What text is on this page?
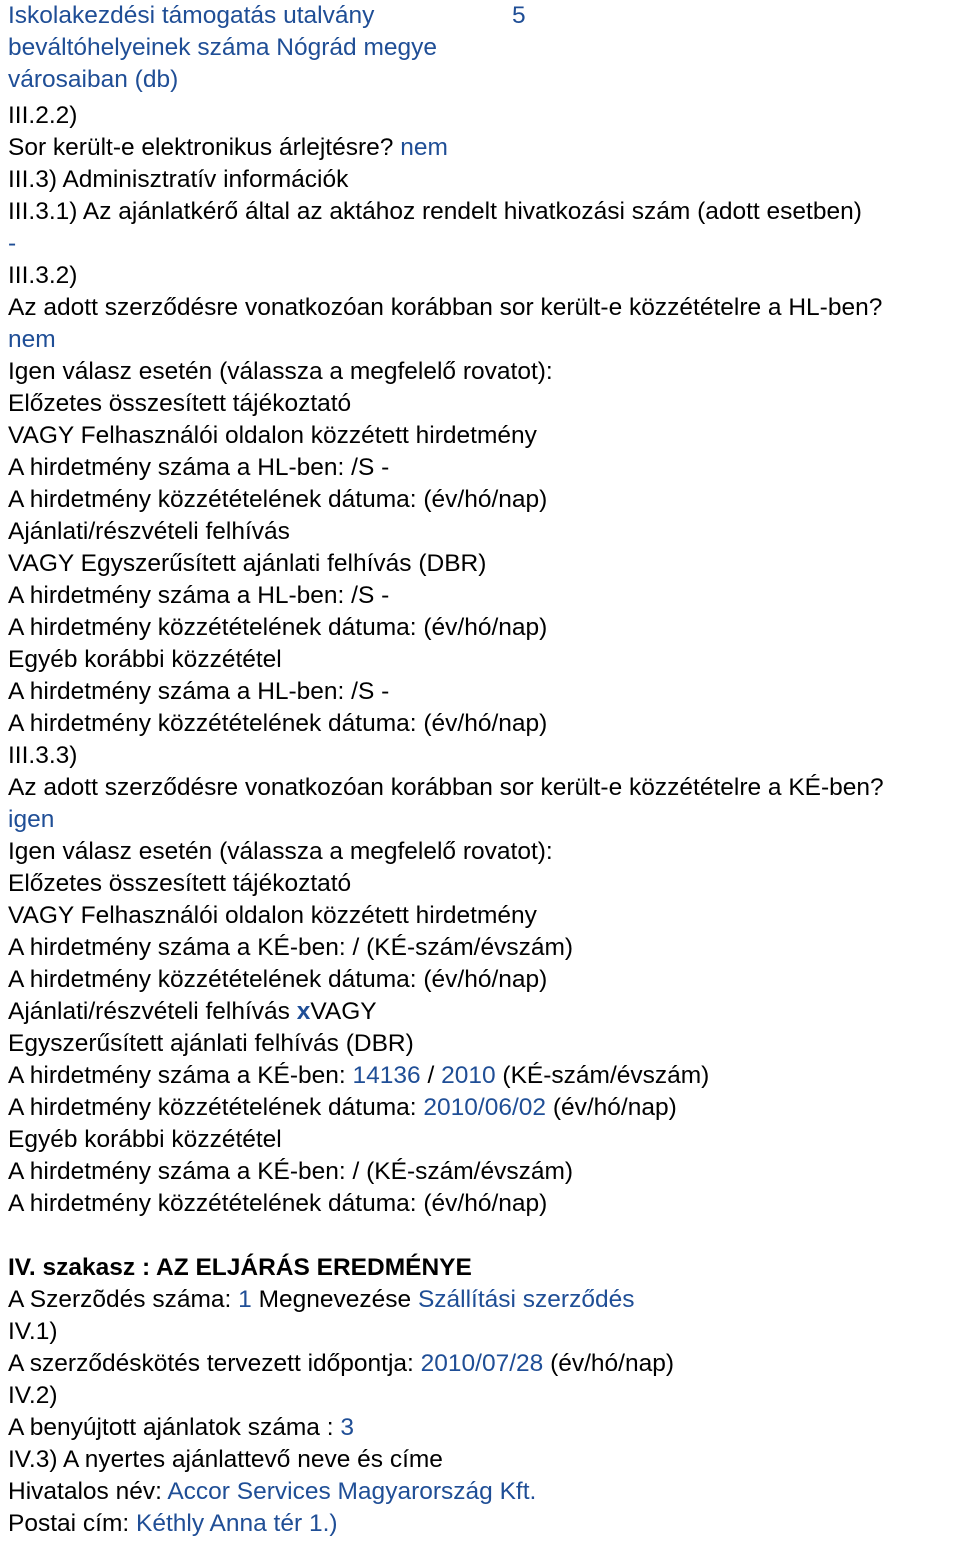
Iskolakezdési támogatás utalvány	5
beváltóhelyeinek száma Nógrád megye
városaiban (db)
III.2.2)
Sor került-e elektronikus árlejtésre? nem
III.3) Adminisztratív információk
III.3.1) Az ajánlatkérő által az aktához rendelt hivatkozási szám (adott esetben)
-
III.3.2)
Az adott szerződésre vonatkozóan korábban sor került-e közzétételre a HL-ben?
nem
Igen válasz esetén (válassza a megfelelő rovatot):
Előzetes összesített tájékoztató
VAGY Felhasználói oldalon közzétett hirdetmény
A hirdetmény száma a HL-ben: /S -
A hirdetmény közzétételének dátuma: (év/hó/nap)
Ajánlati/részvételi felhívás
VAGY Egyszerűsített ajánlati felhívás (DBR)
A hirdetmény száma a HL-ben: /S -
A hirdetmény közzétételének dátuma: (év/hó/nap)
Egyéb korábbi közzététel
A hirdetmény száma a HL-ben: /S -
A hirdetmény közzétételének dátuma: (év/hó/nap)
III.3.3)
Az adott szerződésre vonatkozóan korábban sor került-e közzétételre a KÉ-ben?
igen
Igen válasz esetén (válassza a megfelelő rovatot):
Előzetes összesített tájékoztató
VAGY Felhasználói oldalon közzétett hirdetmény
A hirdetmény száma a KÉ-ben: / (KÉ-szám/évszám)
A hirdetmény közzétételének dátuma: (év/hó/nap)
Ajánlati/részvételi felhívás xVAGY
Egyszerűsített ajánlati felhívás (DBR)
A hirdetmény száma a KÉ-ben: 14136 / 2010 (KÉ-szám/évszám)
A hirdetmény közzétételének dátuma: 2010/06/02 (év/hó/nap)
Egyéb korábbi közzététel
A hirdetmény száma a KÉ-ben: / (KÉ-szám/évszám)
A hirdetmény közzétételének dátuma: (év/hó/nap)
IV. szakasz : AZ ELJÁRÁS EREDMÉNYE
A Szerzõdés száma: 1 Megnevezése Szállítási szerződés
IV.1)
A szerződéskötés tervezett időpontja: 2010/07/28 (év/hó/nap)
IV.2)
A benyújtott ajánlatok száma : 3
IV.3) A nyertes ajánlattevő neve és címe
Hivatalos név: Accor Services Magyarország Kft.
Postai cím: Kéthly Anna tér 1.)
